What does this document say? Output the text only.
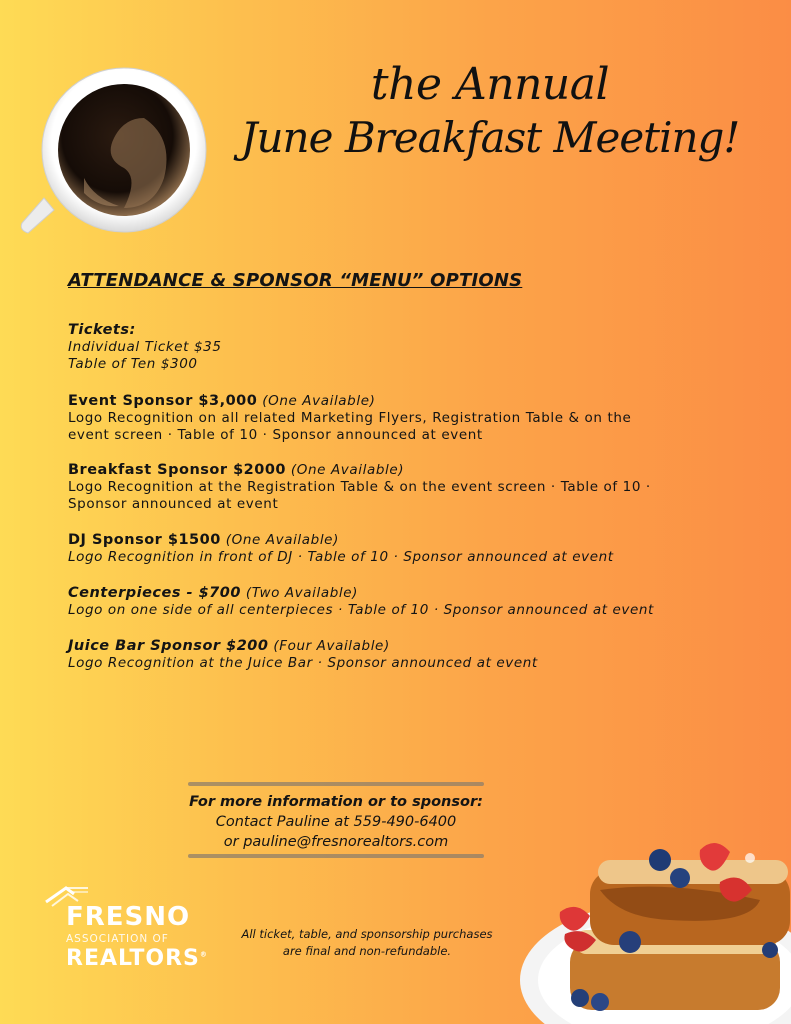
the Annual
June Breakfast Meeting!
ATTENDANCE & SPONSOR “MENU” OPTIONS
Tickets:
Individual Ticket $35
Table of Ten $300
Event Sponsor $3,000 (One Available)
Logo Recognition on all related Marketing Flyers, Registration Table & on the
event screen · Table of 10 · Sponsor announced at event
Breakfast Sponsor $2000 (One Available)
Logo Recognition at the Registration Table & on the event screen · Table of 10 ·
Sponsor announced at event
DJ Sponsor $1500 (One Available)
Logo Recognition in front of DJ · Table of 10 · Sponsor announced at event
Centerpieces - $700 (Two Available)
Logo on one side of all centerpieces · Table of 10 · Sponsor announced at event
Juice Bar Sponsor $200 (Four Available)
Logo Recognition at the Juice Bar · Sponsor announced at event
For more information or to sponsor:
Contact Pauline at 559-490-6400
or pauline@fresnorealtors.com
FRESNO
ASSOCIATION OF
REALTORS®
All ticket, table, and sponsorship purchases
are final and non-refundable.
